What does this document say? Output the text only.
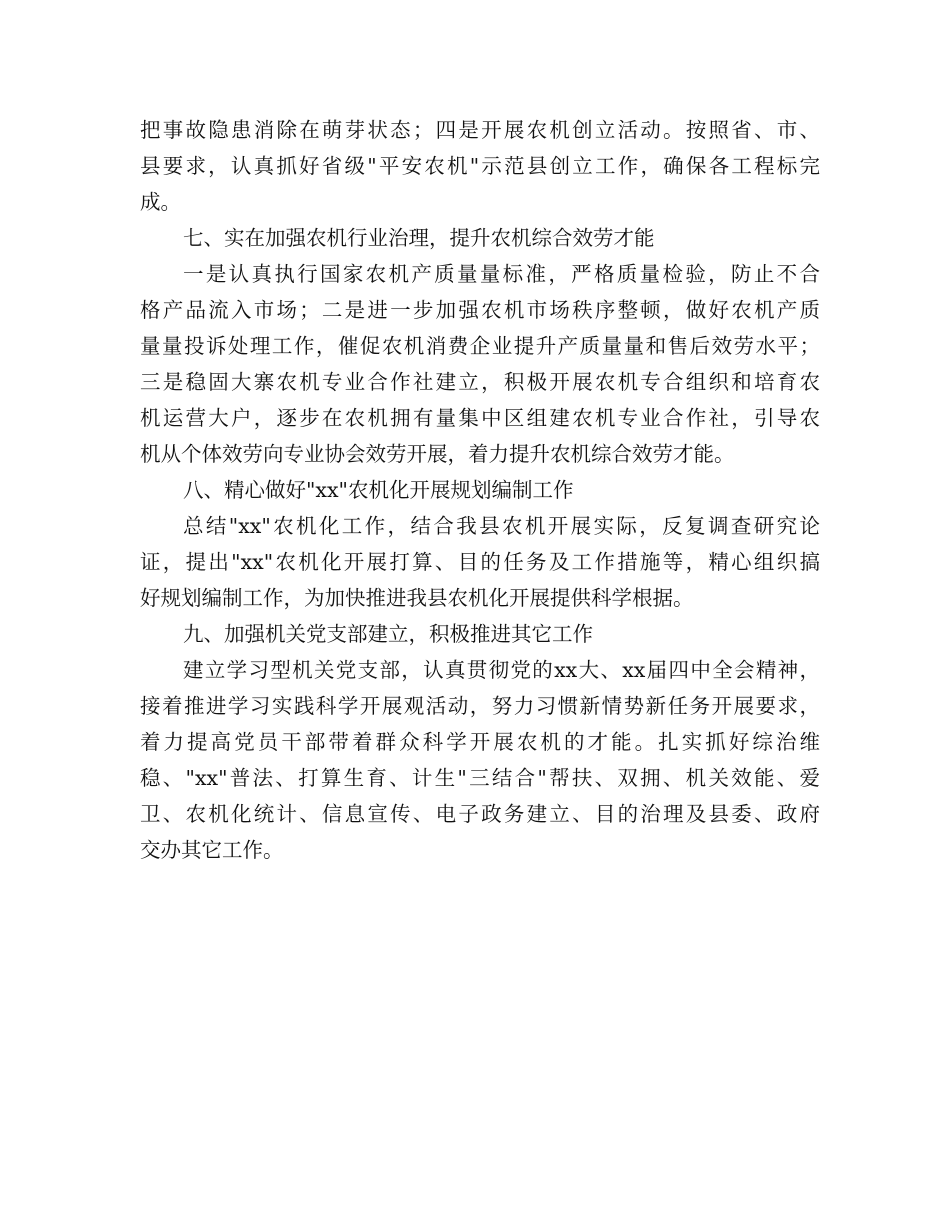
把事故隐患消除在萌芽状态；四是开展农机创立活动。按照省、市、
县要求，认真抓好省级"平安农机"示范县创立工作，确保各工程标完
成。
七、实在加强农机行业治理，提升农机综合效劳才能
一是认真执行国家农机产质量量标准，严格质量检验，防止不合
格产品流入市场；二是进一步加强农机市场秩序整顿，做好农机产质
量量投诉处理工作，催促农机消费企业提升产质量量和售后效劳水平；
三是稳固大寨农机专业合作社建立，积极开展农机专合组织和培育农
机运营大户，逐步在农机拥有量集中区组建农机专业合作社，引导农
机从个体效劳向专业协会效劳开展，着力提升农机综合效劳才能。
八、精心做好"xx"农机化开展规划编制工作
总结"xx"农机化工作，结合我县农机开展实际，反复调查研究论
证，提出"xx"农机化开展打算、目的任务及工作措施等，精心组织搞
好规划编制工作，为加快推进我县农机化开展提供科学根据。
九、加强机关党支部建立，积极推进其它工作
建立学习型机关党支部，认真贯彻党的xx大、xx届四中全会精神，
接着推进学习实践科学开展观活动，努力习惯新情势新任务开展要求，
着力提高党员干部带着群众科学开展农机的才能。扎实抓好综治维
稳、"xx"普法、打算生育、计生"三结合"帮扶、双拥、机关效能、爱
卫、农机化统计、信息宣传、电子政务建立、目的治理及县委、政府
交办其它工作。
